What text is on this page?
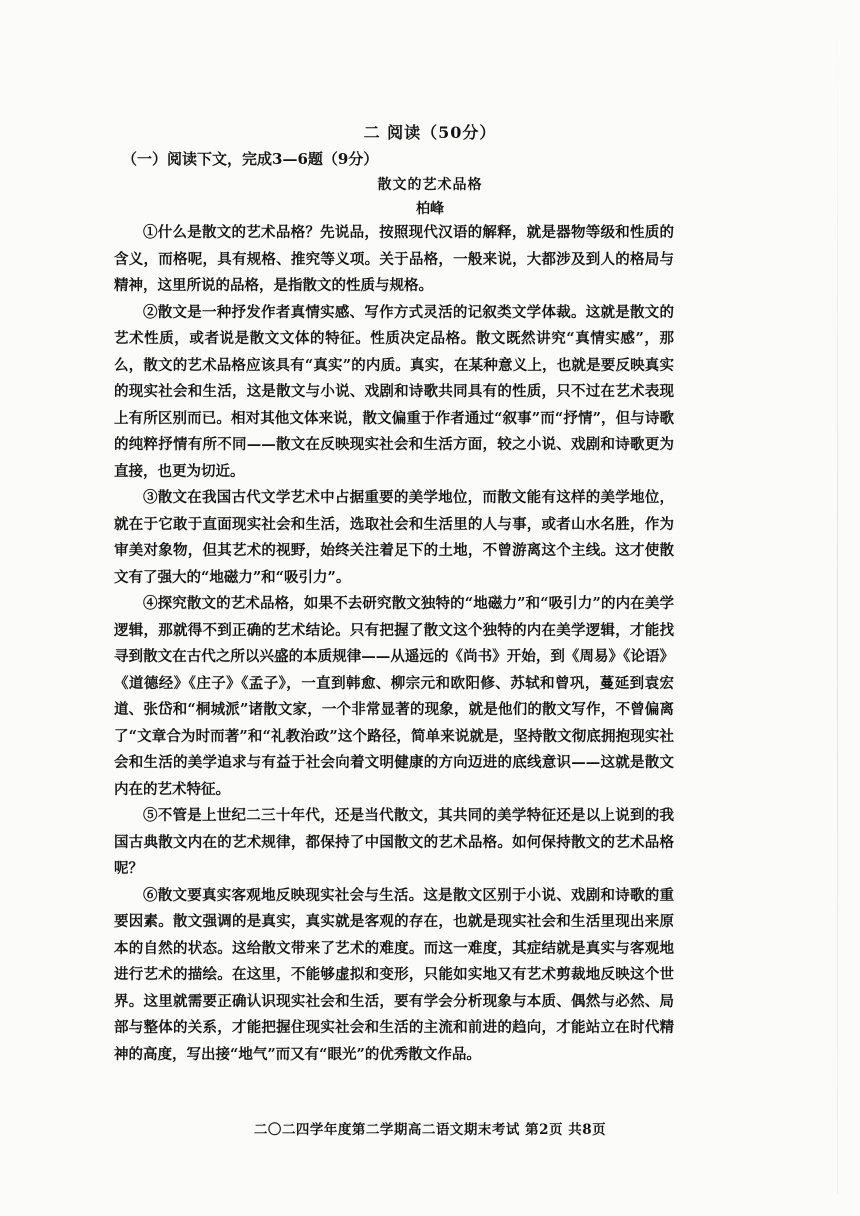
二 阅读（50分）
（一）阅读下文，完成3—6题（9分）
散文的艺术品格
柏峰

①什么是散文的艺术品格？先说品，按照现代汉语的解释，就是器物等级和性质的含义，而格呢，具有规格、推究等义项。关于品格，一般来说，大都涉及到人的格局与精神，这里所说的品格，是指散文的性质与规格。

②散文是一种抒发作者真情实感、写作方式灵活的记叙类文学体裁。这就是散文的艺术性质，或者说是散文文体的特征。性质决定品格。散文既然讲究“真情实感”，那么，散文的艺术品格应该具有“真实”的内质。真实，在某种意义上，也就是要反映真实的现实社会和生活，这是散文与小说、戏剧和诗歌共同具有的性质，只不过在艺术表现上有所区别而已。相对其他文体来说，散文偏重于作者通过“叙事”而“抒情”，但与诗歌的纯粹抒情有所不同——散文在反映现实社会和生活方面，较之小说、戏剧和诗歌更为直接，也更为切近。

③散文在我国古代文学艺术中占据重要的美学地位，而散文能有这样的美学地位，就在于它敢于直面现实社会和生活，选取社会和生活里的人与事，或者山水名胜，作为审美对象物，但其艺术的视野，始终关注着足下的土地，不曾游离这个主线。这才使散文有了强大的“地磁力”和“吸引力”。

④探究散文的艺术品格，如果不去研究散文独特的“地磁力”和“吸引力”的内在美学逻辑，那就得不到正确的艺术结论。只有把握了散文这个独特的内在美学逻辑，才能找寻到散文在古代之所以兴盛的本质规律——从遥远的《尚书》开始，到《周易》《论语》《道德经》《庄子》《孟子》，一直到韩愈、柳宗元和欧阳修、苏轼和曾巩，蔓延到袁宏道、张岱和“桐城派”诸散文家，一个非常显著的现象，就是他们的散文写作，不曾偏离了“文章合为时而著”和“礼教治政”这个路径，简单来说就是，坚持散文彻底拥抱现实社会和生活的美学追求与有益于社会向着文明健康的方向迈进的底线意识——这就是散文内在的艺术特征。

⑤不管是上世纪二三十年代，还是当代散文，其共同的美学特征还是以上说到的我国古典散文内在的艺术规律，都保持了中国散文的艺术品格。如何保持散文的艺术品格呢？

⑥散文要真实客观地反映现实社会与生活。这是散文区别于小说、戏剧和诗歌的重要因素。散文强调的是真实，真实就是客观的存在，也就是现实社会和生活里现出来原本的自然的状态。这给散文带来了艺术的难度。而这一难度，其症结就是真实与客观地进行艺术的描绘。在这里，不能够虚拟和变形，只能如实地又有艺术剪裁地反映这个世界。这里就需要正确认识现实社会和生活，要有学会分析现象与本质、偶然与必然、局部与整体的关系，才能把握住现实社会和生活的主流和前进的趋向，才能站立在时代精神的高度，写出接“地气”而又有“眼光”的优秀散文作品。

二〇二四学年度第二学期高二语文期末考试 第2页 共8页
